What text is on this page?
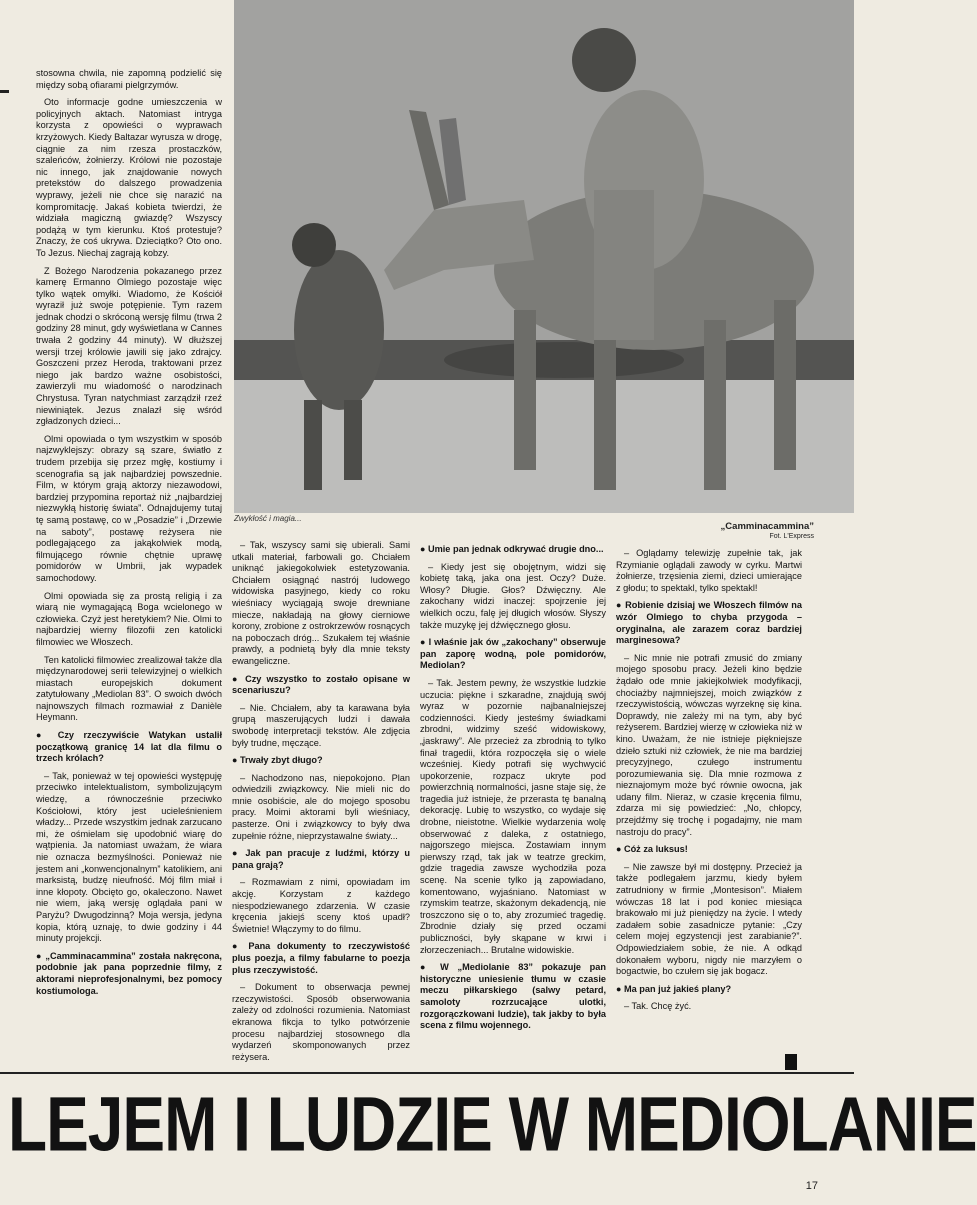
Zwykłość i magia...
„Camminacammina”
Fot. L'Express

stosowna chwila, nie zapomną podzielić się między sobą ofiarami pielgrzymów.

Oto informacje godne umieszczenia w policyjnych aktach. Natomiast intryga korzysta z opowieści o wyprawach krzyżowych. Kiedy Baltazar wyrusza w drogę, ciągnie za nim rzesza prostaczków, szaleńców, żołnierzy. Królowi nie pozostaje nic innego, jak znajdowanie nowych pretekstów do dalszego prowadzenia wyprawy, jeżeli nie chce się narazić na kompromitację. Jakaś kobieta twierdzi, że widziała magiczną gwiazdę? Wszyscy podążą w tym kierunku. Ktoś protestuje? Znaczy, że coś ukrywa. Dzieciątko? Oto ono. To Jezus. Niechaj zagrają kobzy.

Z Bożego Narodzenia pokazanego przez kamerę Ermanno Olmiego pozostaje więc tylko wątek omyłki. Wiadomo, że Kościół wyraził już swoje potępienie. Tym razem jednak chodzi o skróconą wersję filmu (trwa 2 godziny 28 minut, gdy wyświetlana w Cannes trwała 2 godziny 44 minuty). W dłuższej wersji trzej królowie jawili się jako zdrajcy. Goszczeni przez Heroda, traktowani przez niego jak bardzo ważne osobistości, zawierzyli mu wiadomość o narodzinach Chrystusa. Tyran natychmiast zarządził rzeź niewiniątek. Jezus znalazł się wśród zgładzonych dzieci...

Olmi opowiada o tym wszystkim w sposób najzwyklejszy: obrazy są szare, światło z trudem przebija się przez mgłę, kostiumy i scenografia są jak najbardziej powszednie. Film, w którym grają aktorzy niezawodowi, bardziej przypomina reportaż niż „najbardziej niezwykłą historię świata”. Odnajdujemy tutaj tę samą postawę, co w „Posadzie” i „Drzewie na saboty”, postawę reżysera nie podlegającego za jakąkolwiek modą, filmującego równie chętnie uprawę pomidorów w Umbrii, jak wypadek samochodowy.

Olmi opowiada się za prostą religią i za wiarą nie wymagającą Boga wcielonego w człowieka. Czyż jest heretykiem? Nie. Olmi to najbardziej wierny filozofii zen katolicki filmowiec we Włoszech.

Ten katolicki filmowiec zrealizował także dla międzynarodowej serii telewizyjnej o wielkich miastach europejskich dokument zatytułowany „Mediolan 83”. O swoich dwóch najnowszych filmach rozmawiał z Danièle Heymann.

● Czy rzeczywiście Watykan ustalił początkową granicę 14 lat dla filmu o trzech królach?

– Tak, ponieważ w tej opowieści występuję przeciwko intelektualistom, symbolizującym wiedzę, a równocześnie przeciwko Kościołowi, który jest ucieleśnieniem władzy... Przede wszystkim jednak zarzucano mi, że ośmielam się upodobnić wiarę do wątpienia. Ja natomiast uważam, że wiara nie oznacza bezmyślności. Ponieważ nie jestem ani „konwencjonalnym” katolikiem, ani marksistą, budzę nieufność. Mój film miał i inne kłopoty. Obcięto go, okaleczono. Nawet nie wiem, jaką wersję oglądała pani w Paryżu? Dwugodzinną? Moja wersja, jedyna kopia, którą uznaję, to dwie godziny i 44 minuty projekcji.

● „Camminacammina” została nakręcona, podobnie jak pana poprzednie filmy, z aktorami nieprofesjonalnymi, bez pomocy kostiumologa.

– Tak, wszyscy sami się ubierali. Sami utkali materiał, farbowali go. Chciałem uniknąć jakiegokolwiek estetyzowania. Chciałem osiągnąć nastrój ludowego widowiska pasyjnego, kiedy co roku wieśniacy wyciągają swoje drewniane miecze, nakładają na głowy cierniowe korony, zrobione z ostrokrzewów rosnących na poboczach dróg... Szukałem tej właśnie prawdy, a podnietą były dla mnie teksty ewangeliczne.

● Czy wszystko to zostało opisane w scenariuszu?

– Nie. Chciałem, aby ta karawana była grupą maszerujących ludzi i dawała swobodę interpretacji tekstów. Ale zdjęcia były trudne, męczące.

● Trwały zbyt długo?

– Nachodzono nas, niepokojono. Plan odwiedzili związkowcy. Nie mieli nic do mnie osobiście, ale do mojego sposobu pracy. Moimi aktorami byli wieśniacy, pasterze. Oni i związkowcy to były dwa zupełnie różne, nieprzystawalne światy...

● Jak pan pracuje z ludźmi, którzy u pana grają?

– Rozmawiam z nimi, opowiadam im akcję. Korzystam z każdego niespodziewanego zdarzenia. W czasie kręcenia jakiejś sceny ktoś upadł? Świetnie! Włączymy to do filmu.

● Pana dokumenty to rzeczywistość plus poezja, a filmy fabularne to poezja plus rzeczywistość.

– Dokument to obserwacja pewnej rzeczywistości. Sposób obserwowania zależy od zdolności rozumienia. Natomiast ekranowa fikcja to tylko potwórzenie procesu najbardziej stosownego dla wydarzeń skomponowanych przez reżysera.

● Umie pan jednak odkrywać drugie dno...

– Kiedy jest się obojętnym, widzi się kobietę taką, jaka ona jest. Oczy? Duże. Włosy? Długie. Głos? Dźwięczny. Ale zakochany widzi inaczej: spojrzenie jej wielkich oczu, falę jej długich włosów. Słyszy także muzykę jej dźwięcznego głosu.

● I właśnie jak ów „zakochany” obserwuje pan zaporę wodną, pole pomidorów, Mediolan?

– Tak. Jestem pewny, że wszystkie ludzkie uczucia: piękne i szkaradne, znajdują swój wyraz w pozornie najbanalniejszej codzienności. Kiedy jesteśmy świadkami zbrodni, widzimy sześć widowiskowy, „jaskrawy”. Ale przecież za zbrodnią to tylko finał tragedii, która rozpoczęła się o wiele wcześniej. Kiedy potrafi się wychwycić upokorzenie, rozpacz ukryte pod powierzchnią normalności, jasne staje się, że tragedia już istnieje, że przerasta tę banalną dekorację. Lubię to wszystko, co wydaje się drobne, nieistotne. Wielkie wydarzenia wolę obserwować z daleka, z ostatniego, najgorszego miejsca. Zostawiam innym pierwszy rząd, tak jak w teatrze greckim, gdzie tragedia zawsze wychodziła poza scenę. Na scenie tylko ją zapowiadano, komentowano, wyjaśniano. Natomiast w rzymskim teatrze, skażonym dekadencją, nie troszczono się o to, aby zrozumieć tragedię. Zbrodnie działy się przed oczami publiczności, były skąpane w krwi i złorzeczeniach... Brutalne widowiskie.

● W „Mediolanie 83” pokazuje pan historyczne uniesienie tłumu w czasie meczu piłkarskiego (salwy petard, samoloty rozrzucające ulotki, rozgorączkowani ludzie), tak jakby to była scena z filmu wojennego.

– Oglądamy telewizję zupełnie tak, jak Rzymianie oglądali zawody w cyrku. Martwi żołnierze, trzęsienia ziemi, dzieci umierające z głodu; to spektakl, tylko spektakl!

● Robienie dzisiaj we Włoszech filmów na wzór Olmiego to chyba przygoda – oryginalna, ale zarazem coraz bardziej marginesowa?

– Nic mnie nie potrafi zmusić do zmiany mojego sposobu pracy. Jeżeli kino będzie żądało ode mnie jakiejkolwiek modyfikacji, chociażby najmniejszej, moich związków z rzeczywistością, wówczas wyrzeknę się kina. Doprawdy, nie zależy mi na tym, aby być reżyserem. Bardziej wierzę w człowieka niż w kino. Uważam, że nie istnieje piękniejsze dzieło sztuki niż człowiek, że nie ma bardziej precyzyjnego, czułego instrumentu porozumiewania się. Dla mnie rozmowa z nieznajomym może być równie owocna, jak udany film. Nieraz, w czasie kręcenia filmu, zdarza mi się powiedzieć: „No, chłopcy, przejdźmy się trochę i pogadajmy, nie mam nastroju do pracy”.

● Cóż za luksus!

– Nie zawsze był mi dostępny. Przecież ja także podlegałem jarzmu, kiedy byłem zatrudniony w firmie „Montesison”. Miałem wówczas 18 lat i pod koniec miesiąca brakowało mi już pieniędzy na życie. I wtedy zadałem sobie zasadnicze pytanie: „Czy celem mojej egzystencji jest zarabianie?”. Odpowiedziałem sobie, że nie. A odkąd dokonałem wyboru, nigdy nie marzyłem o bogactwie, bo czułem się jak bogacz.

● Ma pan już jakieś plany?

– Tak. Chcę żyć.

LEJEM I LUDZIE W MEDIOLANIE
17
